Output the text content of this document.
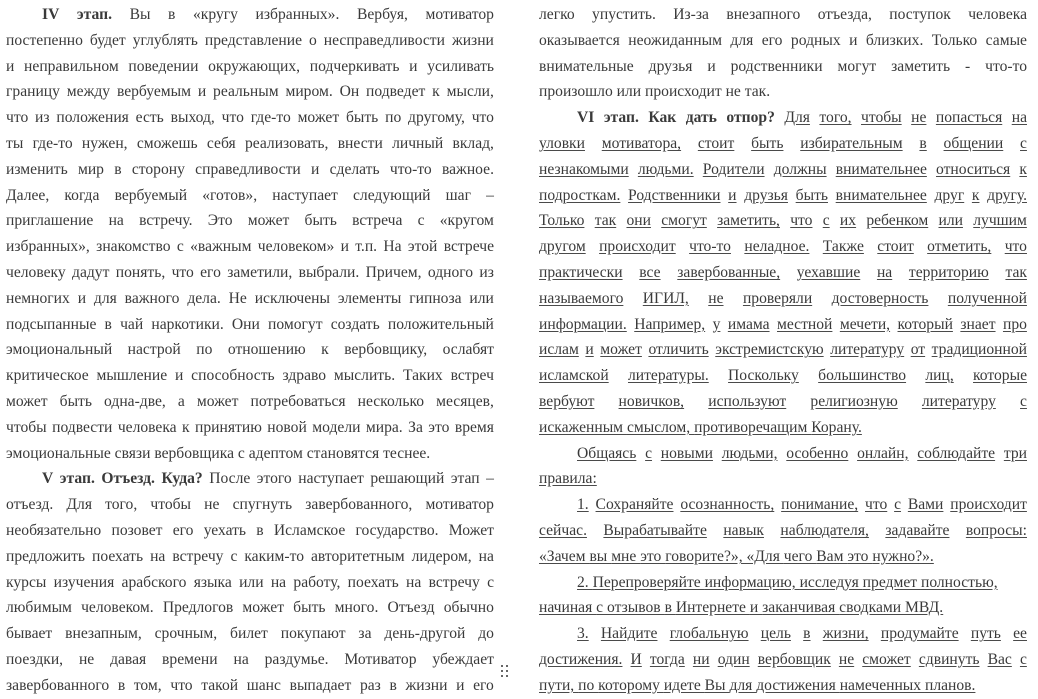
IV этап. Вы в «кругу избранных». Вербуя, мотиватор
постепенно будет углублять представление о несправедливости жизни
и неправильном поведении окружающих, подчеркивать и усиливать
границу между вербуемым и реальным миром. Он подведет к мысли,
что из положения есть выход, что где-то может быть по другому, что
ты где-то нужен, сможешь себя реализовать, внести личный вклад,
изменить мир в сторону справедливости и сделать что-то важное.
Далее, когда вербуемый «готов», наступает следующий шаг –
приглашение на встречу. Это может быть встреча с «кругом
избранных», знакомство с «важным человеком» и т.п. На этой встрече
человеку дадут понять, что его заметили, выбрали. Причем, одного из
немногих и для важного дела. Не исключены элементы гипноза или
подсыпанные в чай наркотики. Они помогут создать положительный
эмоциональный настрой по отношению к вербовщику, ослабят
критическое мышление и способность здраво мыслить. Таких встреч
может быть одна-две, а может потребоваться несколько месяцев,
чтобы подвести человека к принятию новой модели мира. За это время
эмоциональные связи вербовщика с адептом становятся теснее.
V этап. Отъезд. Куда? После этого наступает решающий этап –
отъезд. Для того, чтобы не спугнуть завербованного, мотиватор
необязательно позовет его уехать в Исламское государство. Может
предложить поехать на встречу с каким-то авторитетным лидером, на
курсы изучения арабского языка или на работу, поехать на встречу с
любимым человеком. Предлогов может быть много. Отъезд обычно
бывает внезапным, срочным, билет покупают за день-другой до
поездки, не давая времени на раздумье. Мотиватор убеждает
завербованного в том, что такой шанс выпадает раз в жизни и его
легко упустить. Из-за внезапного отъезда, поступок человека
оказывается неожиданным для его родных и близких. Только самые
внимательные друзья и родственники могут заметить - что-то
произошло или происходит не так.
VI этап. Как дать отпор? Для того, чтобы не попасться на
уловки мотиватора, стоит быть избирательным в общении с
незнакомыми людьми. Родители должны внимательнее относиться к
подросткам. Родственники и друзья быть внимательнее друг к другу.
Только так они смогут заметить, что с их ребенком или лучшим
другом происходит что-то неладное. Также стоит отметить, что
практически все завербованные, уехавшие на территорию так
называемого ИГИЛ, не проверяли достоверность полученной
информации. Например, у имама местной мечети, который знает про
ислам и может отличить экстремистскую литературу от традиционной
исламской литературы. Поскольку большинство лиц, которые
вербуют новичков, используют религиозную литературу с
искаженным смыслом, противоречащим Корану.
Общаясь с новыми людьми, особенно онлайн, соблюдайте три
правила:
1. Сохраняйте осознанность, понимание, что с Вами происходит
сейчас. Вырабатывайте навык наблюдателя, задавайте вопросы:
«Зачем вы мне это говорите?», «Для чего Вам это нужно?».
2. Перепроверяйте информацию, исследуя предмет полностью,
начиная с отзывов в Интернете и заканчивая сводками МВД.
3. Найдите глобальную цель в жизни, продумайте путь ее
достижения. И тогда ни один вербовщик не сможет сдвинуть Вас с
пути, по которому идете Вы для достижения намеченных планов.
